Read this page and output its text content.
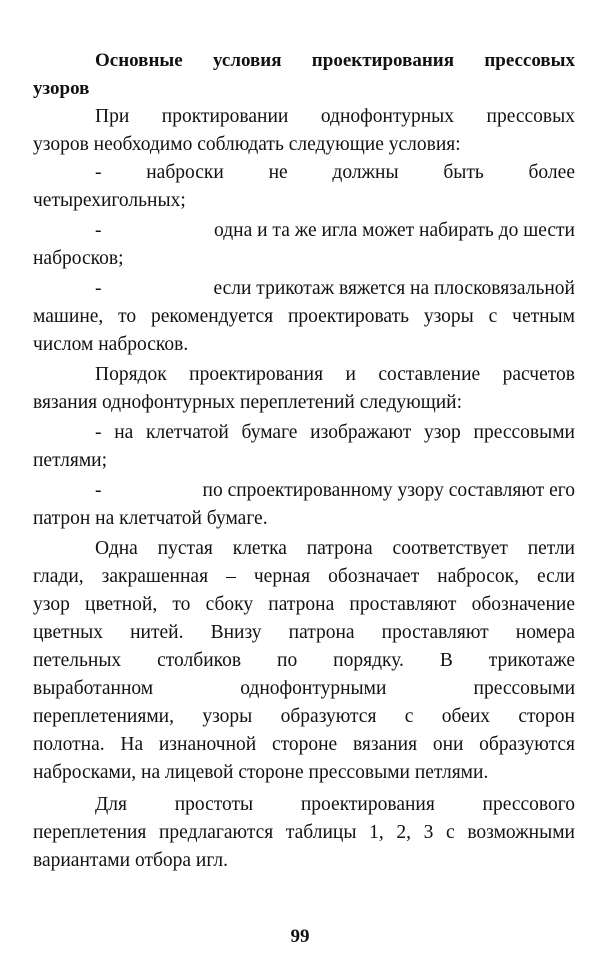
Основные условия проектирования прессовых
узоров
При проктировании однофонтурных прессовых
узоров необходимо соблюдать следующие условия:
- наброски не должны быть более
четырехигольных;
-	одна и та же игла может набирать до шести
набросков;
-	если трикотаж вяжется на плосковязальной
машине, то рекомендуется проектировать узоры с четным
числом набросков.
Порядок проектирования и составление расчетов
вязания однофонтурных переплетений следующий:
- на клетчатой бумаге изображают узор прессовыми
петлями;
-	по спроектированному узору составляют его
патрон на клетчатой бумаге.
Одна пустая клетка патрона соответствует петли
глади, закрашенная – черная обозначает набросок, если
узор цветной, то сбоку патрона проставляют обозначение
цветных нитей. Внизу патрона проставляют номера
петельных столбиков по порядку. В трикотаже
выработанном однофонтурными прессовыми
переплетениями, узоры образуются с обеих сторон
полотна. На изнаночной стороне вязания они образуются
набросками, на лицевой стороне прессовыми петлями.
Для простоты проектирования прессового
переплетения предлагаются таблицы 1, 2, 3 с возможными
вариантами отбора игл.
99
